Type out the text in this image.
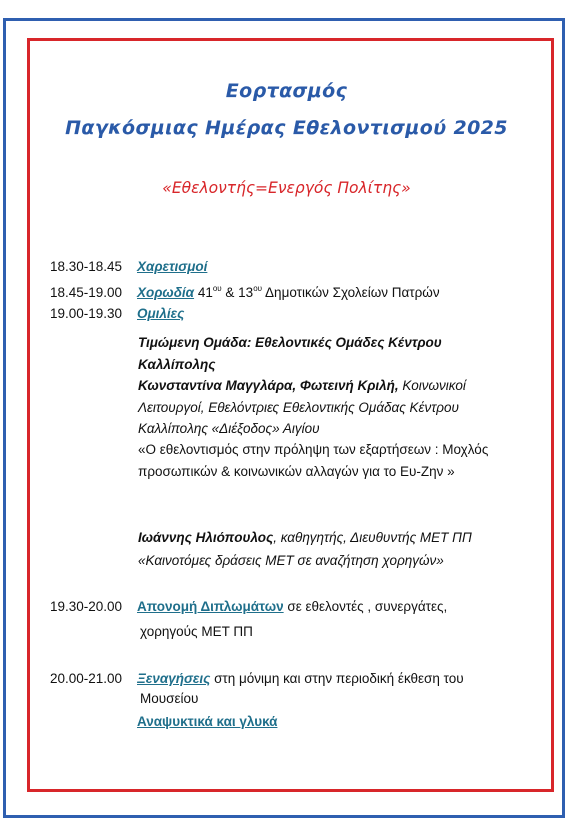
Εορτασμός
Παγκόσμιας Ημέρας Εθελοντισμού 2025
«Εθελοντής=Ενεργός Πολίτης»
18.30-18.45 Χαρετισμοί
18.45-19.00 Χορωδία $41^{o\upsilon}$ & $13^{o\upsilon}$ Δημοτικών Σχολείων Πατρών
19.00-19.30 Ομιλίες
Τιμώμενη Ομάδα: Εθελοντικές Ομάδες Κέντρου Καλλίπολης
Κωνσταντίνα Μαγγλάρα, Φωτεινή Κριλή, Κοινωνικοί Λειτουργοί, Εθελόντριες Εθελοντικής Ομάδας Κέντρου Καλλίπολης «Διέξοδος» Αιγίου
«Ο εθελοντισμός στην πρόληψη των εξαρτήσεων : Μοχλός προσωπικών & κοινωνικών αλλαγών για το Ευ-Ζην »
Ιωάννης Ηλιόπουλος, καθηγητής, Διευθυντής ΜΕΤ ΠΠ
«Καινοτόμες δράσεις ΜΕΤ σε αναζήτηση χορηγών»
19.30-20.00 Απονομή Διπλωμάτων σε εθελοντές , συνεργάτες,
χορηγούς ΜΕΤ ΠΠ
20.00-21.00 Ξεναγήσεις στη μόνιμη και στην περιοδική έκθεση του
Μουσείου
Αναψυκτικά και γλυκά
